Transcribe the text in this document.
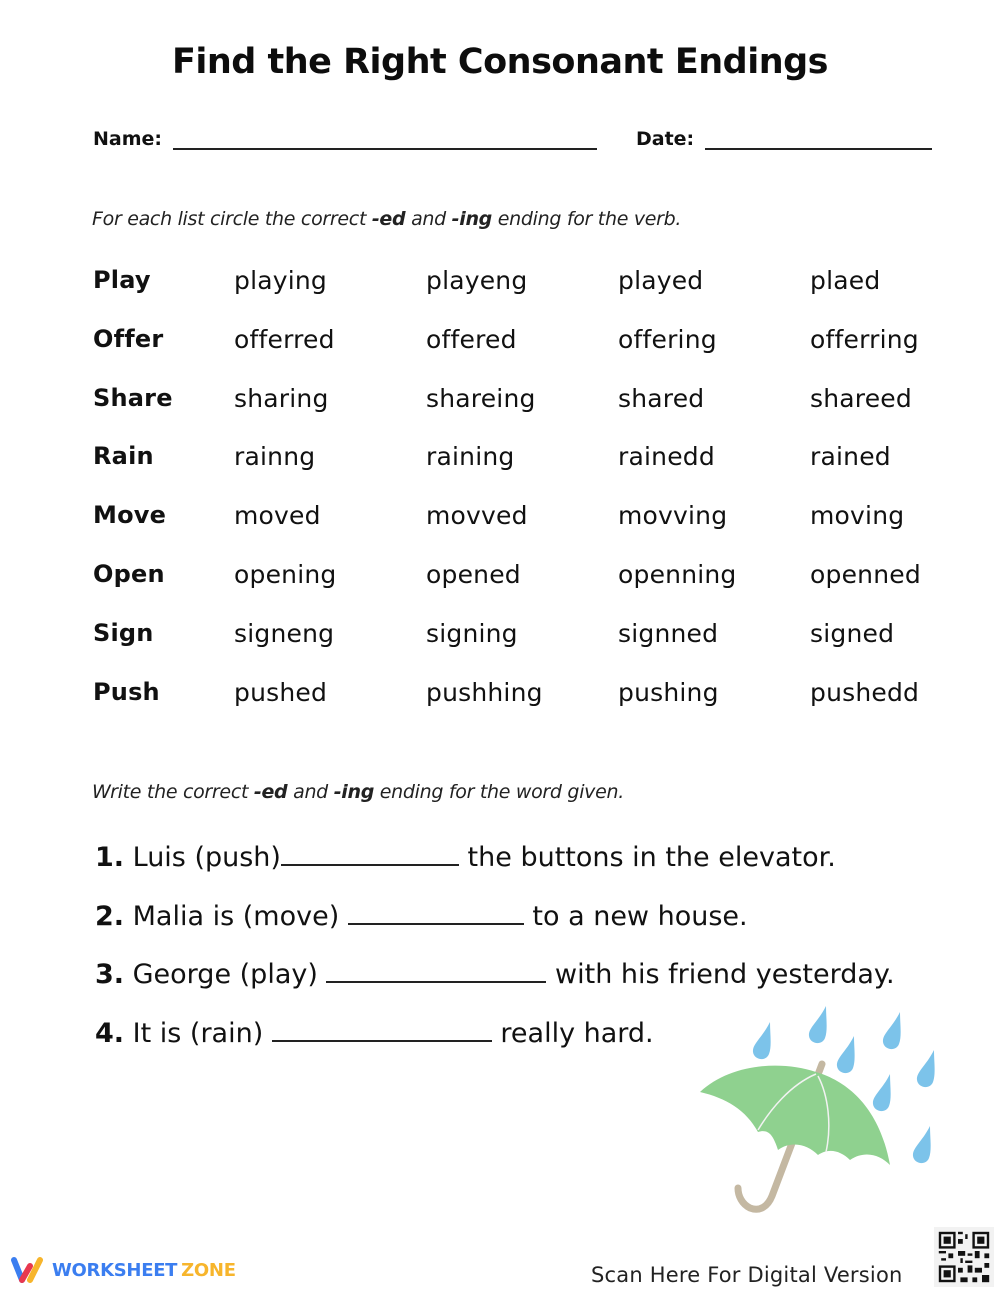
Find the Right Consonant Endings
Name:	Date:
For each list circle the correct -ed and -ing ending for the verb.
Play	playing	playeng	played	plaed
Offer	offerred	offered	offering	offerring
Share sharing	shareing	shared	shareed
Rain	rainng	raining	rainedd	rained
Move	moved	movved	movving	moving
Open	opening	opened	openning	openned
Sign	signeng	signing	signned	signed
Push	pushed	pushhing	pushing	pushedd
Write the correct -ed and -ing ending for the word given.
1. Luis (push)	the buttons in the elevator.
2. Malia is (move)	to a new house.
3. George (play)	with his friend yesterday.
4. It is (rain)	really hard.
WORKSHEET ZONE	Scan Here For Digital Version
